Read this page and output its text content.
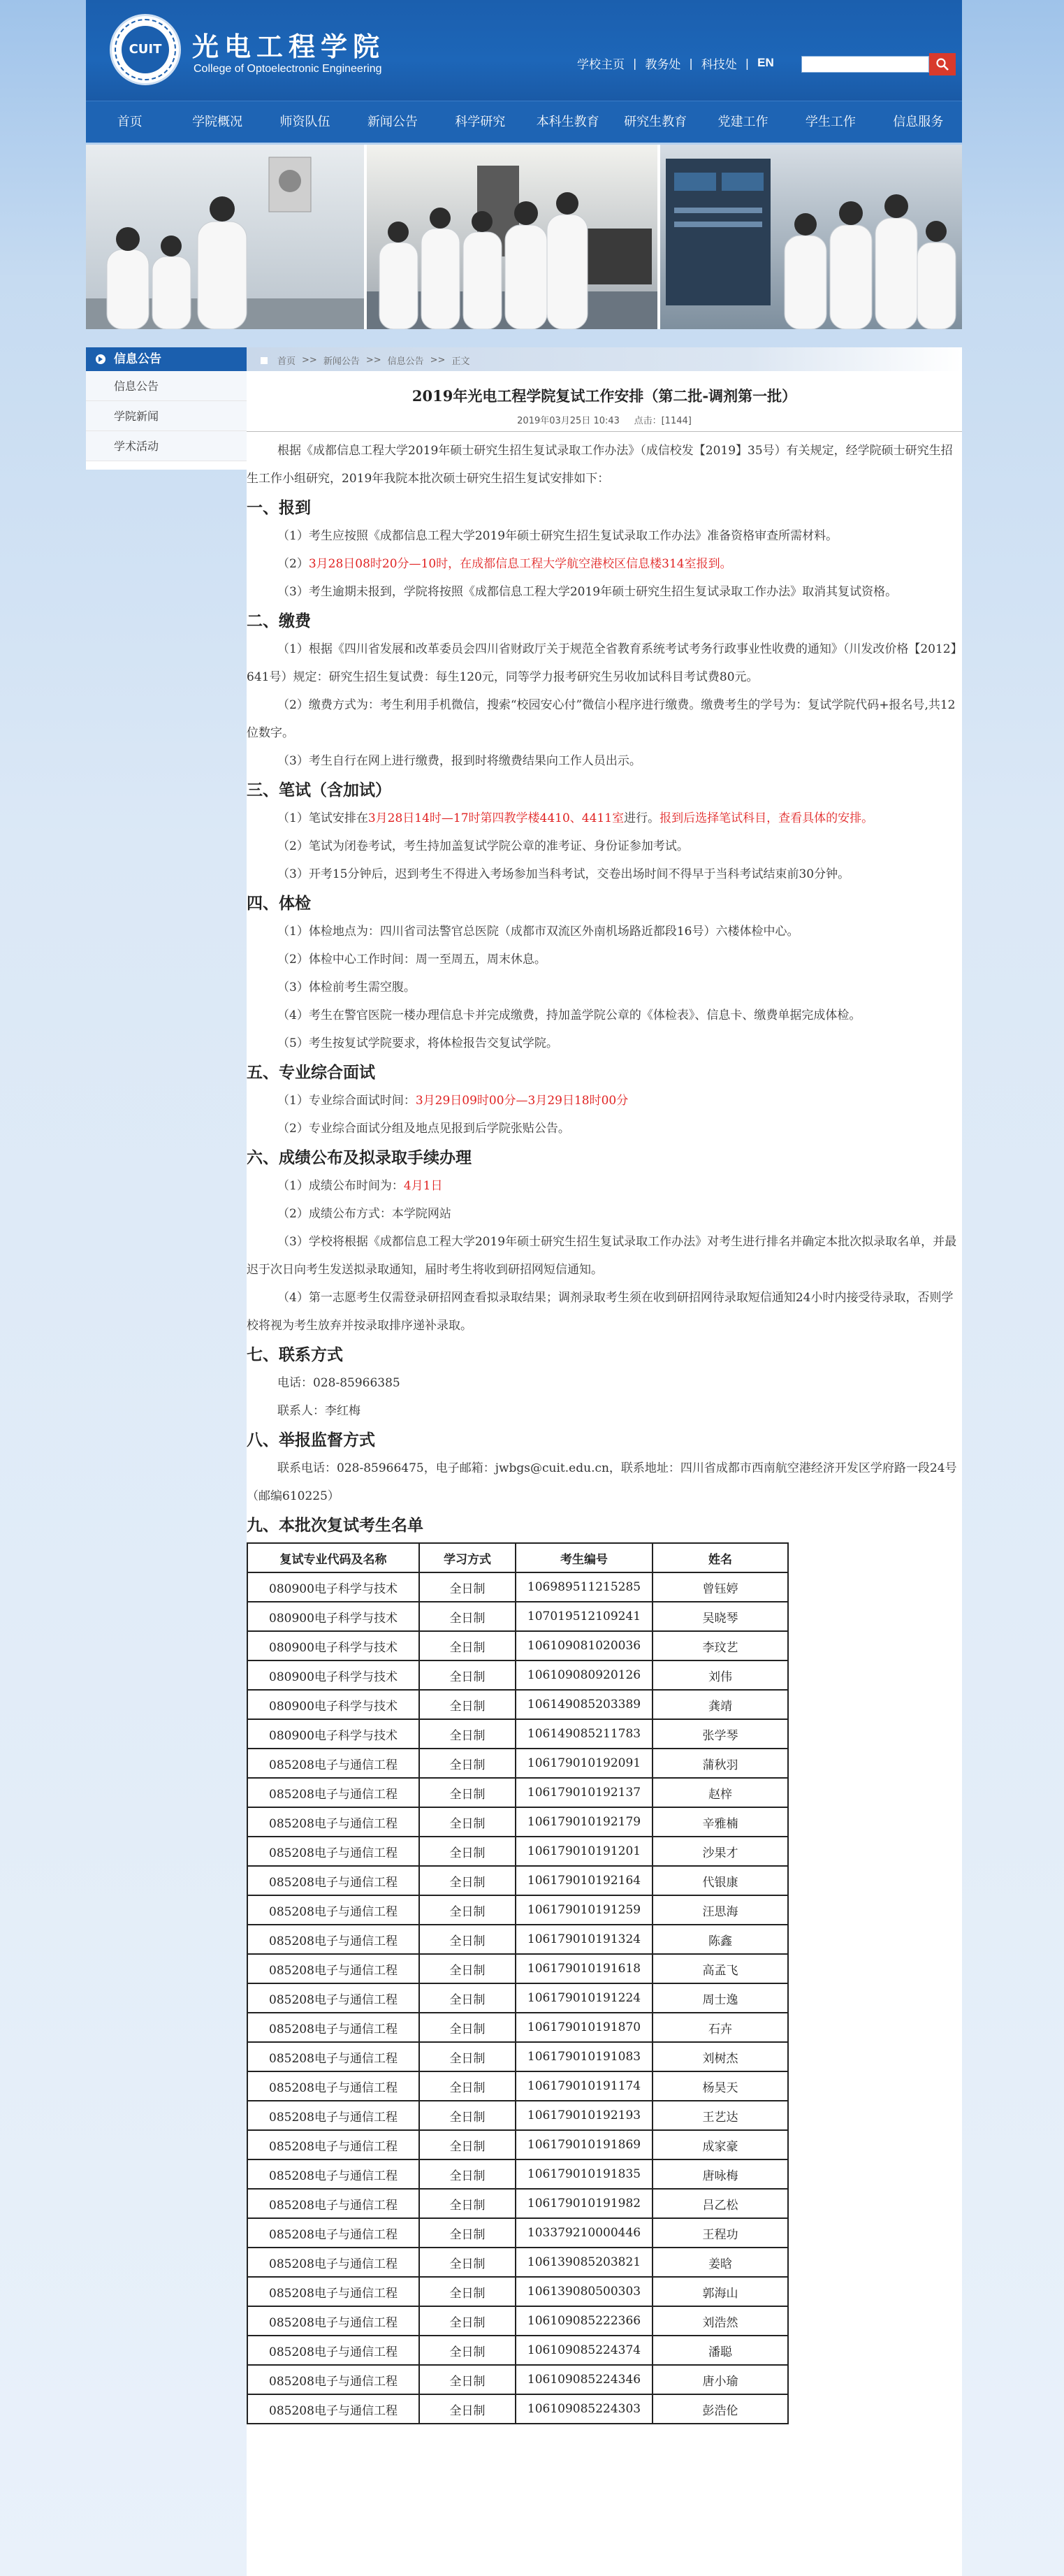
CUIT 光电工程学院
College of Optoelectronic Engineering	学校主页 | 教务处 | 科技处 | EN
首页	学院概况	师资队伍	新闻公告	科学研究	本科生教育	研究生教育	党建工作	学生工作	信息服务
信息公告
信息公告
学院新闻
学术活动
首页 >> 新闻公告 >> 信息公告 >> 正文
2019年光电工程学院复试工作安排（第二批-调剂第一批）
2019年03月25日 10:43 点击：[1144]
根据《成都信息工程大学2019年硕士研究生招生复试录取工作办法》（成信校发【2019】35号）有关规定，经学院硕士研究生招生工作小组研究，2019年我院本批次硕士研究生招生复试安排如下：
一、报到
（1）考生应按照《成都信息工程大学2019年硕士研究生招生复试录取工作办法》准备资格审查所需材料。
（2）3月28日08时20分—10时，在成都信息工程大学航空港校区信息楼314室报到。
（3）考生逾期未报到，学院将按照《成都信息工程大学2019年硕士研究生招生复试录取工作办法》取消其复试资格。
二、缴费
（1）根据《四川省发展和改革委员会四川省财政厅关于规范全省教育系统考试考务行政事业性收费的通知》（川发改价格【2012】641号）规定：研究生招生复试费：每生120元，同等学力报考研究生另收加试科目考试费80元。
（2）缴费方式为：考生利用手机微信，搜索“校园安心付”微信小程序进行缴费。缴费考生的学号为：复试学院代码+报名号,共12位数字。
（3）考生自行在网上进行缴费，报到时将缴费结果向工作人员出示。
三、笔试（含加试）
（1）笔试安排在3月28日14时—17时第四教学楼4410、4411室进行。报到后选择笔试科目，查看具体的安排。
（2）笔试为闭卷考试，考生持加盖复试学院公章的准考证、身份证参加考试。
（3）开考15分钟后，迟到考生不得进入考场参加当科考试，交卷出场时间不得早于当科考试结束前30分钟。
四、体检
（1）体检地点为：四川省司法警官总医院（成都市双流区外南机场路近都段16号）六楼体检中心。
（2）体检中心工作时间：周一至周五，周末休息。
（3）体检前考生需空腹。
（4）考生在警官医院一楼办理信息卡并完成缴费，持加盖学院公章的《体检表》、信息卡、缴费单据完成体检。
（5）考生按复试学院要求，将体检报告交复试学院。
五、专业综合面试
（1）专业综合面试时间：3月29日09时00分—3月29日18时00分
（2）专业综合面试分组及地点见报到后学院张贴公告。
六、成绩公布及拟录取手续办理
（1）成绩公布时间为：4月1日
（2）成绩公布方式：本学院网站
（3）学校将根据《成都信息工程大学2019年硕士研究生招生复试录取工作办法》对考生进行排名并确定本批次拟录取名单，并最迟于次日向考生发送拟录取通知，届时考生将收到研招网短信通知。
（4）第一志愿考生仅需登录研招网查看拟录取结果；调剂录取考生须在收到研招网待录取短信通知24小时内接受待录取，否则学校将视为考生放弃并按录取排序递补录取。
七、联系方式
电话：028-85966385
联系人：李红梅
八、举报监督方式
联系电话：028-85966475，电子邮箱：jwbgs@cuit.edu.cn，联系地址：四川省成都市西南航空港经济开发区学府路一段24号（邮编610225）
九、本批次复试考生名单
复试专业代码及名称	学习方式	考生编号	姓名
080900电子科学与技术	全日制	106989511215285	曾钰婷
080900电子科学与技术	全日制	107019512109241	吴晓琴
080900电子科学与技术	全日制	106109081020036	李玟艺
080900电子科学与技术	全日制	106109080920126	刘伟
080900电子科学与技术	全日制	106149085203389	龚靖
080900电子科学与技术	全日制	106149085211783	张学琴
085208电子与通信工程	全日制	106179010192091	蒲秋羽
085208电子与通信工程	全日制	106179010192137	赵梓
085208电子与通信工程	全日制	106179010192179	辛雅楠
085208电子与通信工程	全日制	106179010191201	沙果才
085208电子与通信工程	全日制	106179010192164	代银康
085208电子与通信工程	全日制	106179010191259	汪思海
085208电子与通信工程	全日制	106179010191324	陈鑫
085208电子与通信工程	全日制	106179010191618	高孟飞
085208电子与通信工程	全日制	106179010191224	周士逸
085208电子与通信工程	全日制	106179010191870	石卉
085208电子与通信工程	全日制	106179010191083	刘树杰
085208电子与通信工程	全日制	106179010191174	杨昊天
085208电子与通信工程	全日制	106179010192193	王艺达
085208电子与通信工程	全日制	106179010191869	成家豪
085208电子与通信工程	全日制	106179010191835	唐咏梅
085208电子与通信工程	全日制	106179010191982	吕乙松
085208电子与通信工程	全日制	103379210000446	王程功
085208电子与通信工程	全日制	106139085203821	姜晗
085208电子与通信工程	全日制	106139080500303	郭海山
085208电子与通信工程	全日制	106109085222366	刘浩然
085208电子与通信工程	全日制	106109085224374	潘聪
085208电子与通信工程	全日制	106109085224346	唐小瑜
085208电子与通信工程	全日制	106109085224303	彭浩伦
